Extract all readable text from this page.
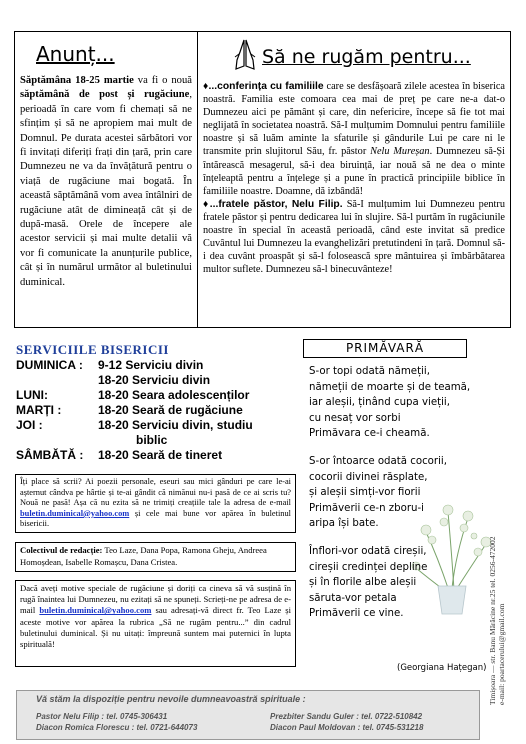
Anunț...
Săptămâna 18-25 martie va fi o nouă săptămână de post și rugăciune, perioadă în care vom fi chemați să ne sfințim și să ne apropiem mai mult de Domnul. Pe durata acestei sărbători vor fi invitați diferiți frați din țară, prin care Dumnezeu ne va da învățătură pentru o viață de rugăciune mai bogată. În această săptămână vom avea întâlniri de rugăciune atât de dimineață cât și de după-masă. Orele de începere ale acestor servicii și mai multe detalii vă vor fi comunicate la anunțurile publice, cât și în numărul următor al buletinului duminical.
Să ne rugăm pentru...

♦...conferința cu familiile care se desfășoară zilele acestea în biserica noastră. Familia este comoara cea mai de preț pe care ne-a dat-o Dumnezeu aici pe pământ și care, din nefericire, începe să fie tot mai neglijată în societatea noastră. Să-I mulțumim Domnului pentru familiile noastre și să luăm aminte la sfaturile și gândurile Lui pe care ni le transmite prin slujitorul Său, fr. păstor Nelu Mureșan. Dumnezeu să-Și întărească mesagerul, să-i dea biruință, iar nouă să ne dea o minte înțeleaptă pentru a înțelege și a pune în practică principiile biblice în familiile noastre. Doamne, dă izbândă!

♦...fratele păstor, Nelu Filip. Să-I mulțumim lui Dumnezeu pentru fratele păstor și pentru dedicarea lui în slujire. Să-l purtăm în rugăciunile noastre în special în această perioadă, când este invitat să predice Cuvântul lui Dumnezeu la evanghelizări pretutindeni în țară. Domnul să-i dea cuvânt proaspăt și să-l folosească spre mântuirea și îmbărbătarea multor suflete. Dumnezeu să-l binecuvânteze!

SERVICIILE BISERICII
DUMINICA : 9-12 Serviciu divin
18-20 Serviciu divin
LUNI:	18-20 Seara adolescenților
MARȚI :	18-20 Seară de rugăciune
JOI :	18-20 Serviciu divin, studiu
biblic
SÂMBĂTĂ : 18-20 Seară de tineret
Îți place să scrii? Ai poezii personale, eseuri sau mici gânduri pe care le-ai așternut cândva pe hârtie și te-ai gândit că nimănui nu-i pasă de ce ai scris tu? Nouă ne pasă! Așa că nu ezita să ne trimiți creațiile tale la adresa de e-mail buletin.duminical@yahoo.com și cele mai bune vor apărea în buletinul bisericii.
Colectivul de redacție: Teo Laze, Dana Popa, Ramona Gheju, Andreea Homoșdean, Isabelle Romașcu, Dana Cristea.
Dacă aveți motive speciale de rugăciune și doriți ca cineva să vă susțină în rugă înaintea lui Dumnezeu, nu ezitați să ne spuneți. Scrieți-ne pe adresa de e-mail buletin.duminical@yahoo.com sau adresați-vă direct fr. Teo Laze și aceste motive vor apărea la rubrica „Să ne rugăm pentru...” din cadrul buletinului duminical. Și nu uitați: împreună suntem mai puternici în lupta spirituală!
PRIMĂVARĂ
S-or topi odată nămeții,
nămeții de moarte și de teamă,
iar aleșii, ținând cupa vieții,
cu nesaț vor sorbi
Primăvara ce-i cheamă.
S-or întoarce odată cocorii,
cocorii divinei răsplate,
și aleșii simți-vor fiorii
Primăverii ce-n zboru-i
aripa își bate.
Înflori-vor odată cireșii,
cireșii credinței depline
și în florile albe aleșii
săruta-vor petala
Primăverii ce vine.
(Georgiana Hațegan) Timișoara — str. Banu Mărăcine nr.25 tel. 0256-472002 e-mail: poartacerului@gmail.com
Vă stăm la dispoziție pentru nevoile dumneavoastră spirituale :
Pastor Nelu Filip : tel. 0745-306431
Diacon Romica Florescu : tel. 0721-644073
Prezbiter Sandu Guler : tel. 0722-510842
Diacon Paul Moldovan : tel. 0745-531218
